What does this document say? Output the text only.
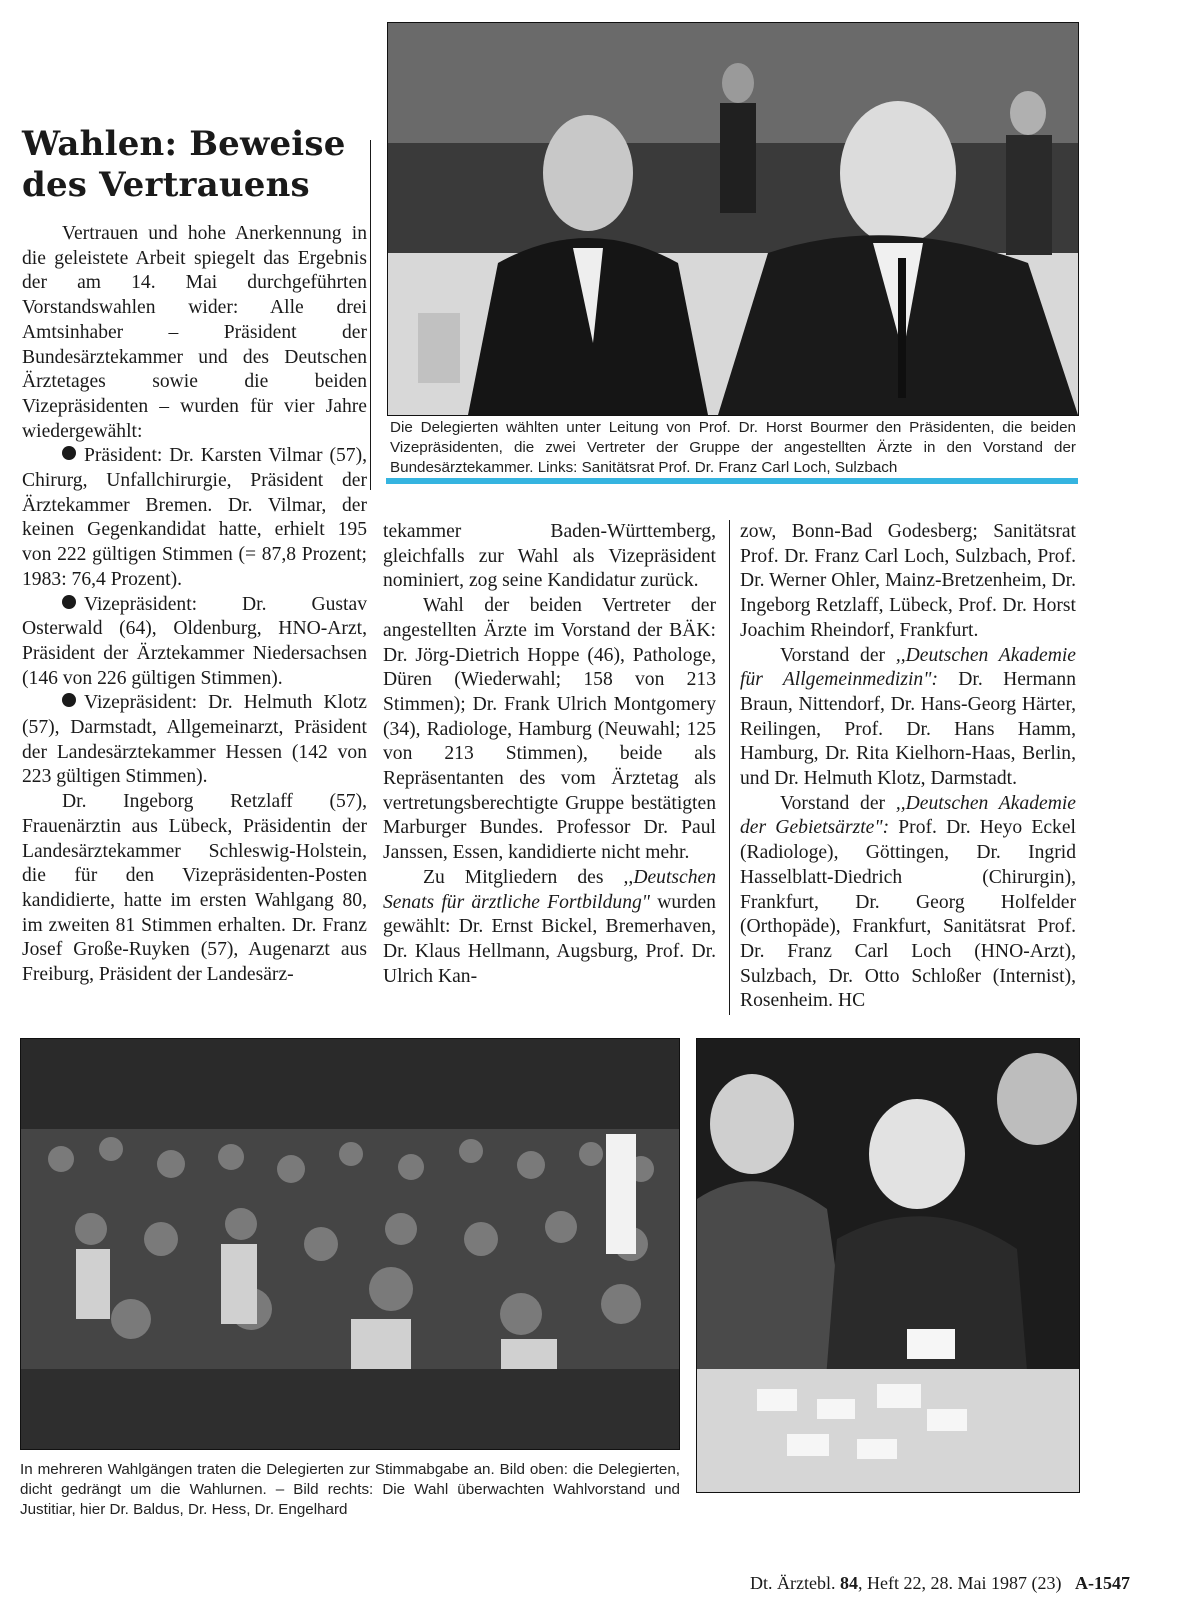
Wahlen: Beweise des Vertrauens

Vertrauen und hohe Anerkennung in die geleistete Arbeit spiegelt das Ergebnis der am 14. Mai durchgeführten Vorstandswahlen wider: Alle drei Amtsinhaber – Präsident der Bundesärztekammer und des Deutschen Ärztetages sowie die beiden Vizepräsidenten – wurden für vier Jahre wiedergewählt:

Präsident: Dr. Karsten Vilmar (57), Chirurg, Unfallchirurgie, Präsident der Ärztekammer Bremen. Dr. Vilmar, der keinen Gegenkandidat hatte, erhielt 195 von 222 gültigen Stimmen (= 87,8 Prozent; 1983: 76,4 Prozent).

Vizepräsident: Dr. Gustav Osterwald (64), Oldenburg, HNO-Arzt, Präsident der Ärztekammer Niedersachsen (146 von 226 gültigen Stimmen).

Vizepräsident: Dr. Helmuth Klotz (57), Darmstadt, Allgemeinarzt, Präsident der Landesärztekammer Hessen (142 von 223 gültigen Stimmen).

Dr. Ingeborg Retzlaff (57), Frauenärztin aus Lübeck, Präsidentin der Landesärztekammer Schleswig-Holstein, die für den Vizepräsidenten-Posten kandidierte, hatte im ersten Wahlgang 80, im zweiten 81 Stimmen erhalten. Dr. Franz Josef Große-Ruyken (57), Augenarzt aus Freiburg, Präsident der Landesärz-

Die Delegierten wählten unter Leitung von Prof. Dr. Horst Bourmer den Präsidenten, die beiden Vizepräsidenten, die zwei Vertreter der Gruppe der angestellten Ärzte in den Vorstand der Bundesärztekammer. Links: Sanitätsrat Prof. Dr. Franz Carl Loch, Sulzbach

tekammer Baden-Württemberg, gleichfalls zur Wahl als Vizepräsident nominiert, zog seine Kandidatur zurück.

Wahl der beiden Vertreter der angestellten Ärzte im Vorstand der BÄK: Dr. Jörg-Dietrich Hoppe (46), Pathologe, Düren (Wiederwahl; 158 von 213 Stimmen); Dr. Frank Ulrich Montgomery (34), Radiologe, Hamburg (Neuwahl; 125 von 213 Stimmen), beide als Repräsentanten des vom Ärztetag als vertretungsberechtigte Gruppe bestätigten Marburger Bundes. Professor Dr. Paul Janssen, Essen, kandidierte nicht mehr.

Zu Mitgliedern des ,,Deutschen Senats für ärztliche Fortbildung" wurden gewählt: Dr. Ernst Bickel, Bremerhaven, Dr. Klaus Hellmann, Augsburg, Prof. Dr. Ulrich Kan-

zow, Bonn-Bad Godesberg; Sanitätsrat Prof. Dr. Franz Carl Loch, Sulzbach, Prof. Dr. Werner Ohler, Mainz-Bretzenheim, Dr. Ingeborg Retzlaff, Lübeck, Prof. Dr. Horst Joachim Rheindorf, Frankfurt.

Vorstand der ,,Deutschen Akademie für Allgemeinmedizin": Dr. Hermann Braun, Nittendorf, Dr. Hans-Georg Härter, Reilingen, Prof. Dr. Hans Hamm, Hamburg, Dr. Rita Kielhorn-Haas, Berlin, und Dr. Helmuth Klotz, Darmstadt.

Vorstand der ,,Deutschen Akademie der Gebietsärzte": Prof. Dr. Heyo Eckel (Radiologe), Göttingen, Dr. Ingrid Hasselblatt-Diedrich (Chirurgin), Frankfurt, Dr. Georg Holfelder (Orthopäde), Frankfurt, Sanitätsrat Prof. Dr. Franz Carl Loch (HNO-Arzt), Sulzbach, Dr. Otto Schloßer (Internist), Rosenheim. HC

In mehreren Wahlgängen traten die Delegierten zur Stimmabgabe an. Bild oben: die Delegierten, dicht gedrängt um die Wahlurnen. – Bild rechts: Die Wahl überwachten Wahlvorstand und Justitiar, hier Dr. Baldus, Dr. Hess, Dr. Engelhard
Dt. Ärztebl. 84, Heft 22, 28. Mai 1987 (23) A-1547
